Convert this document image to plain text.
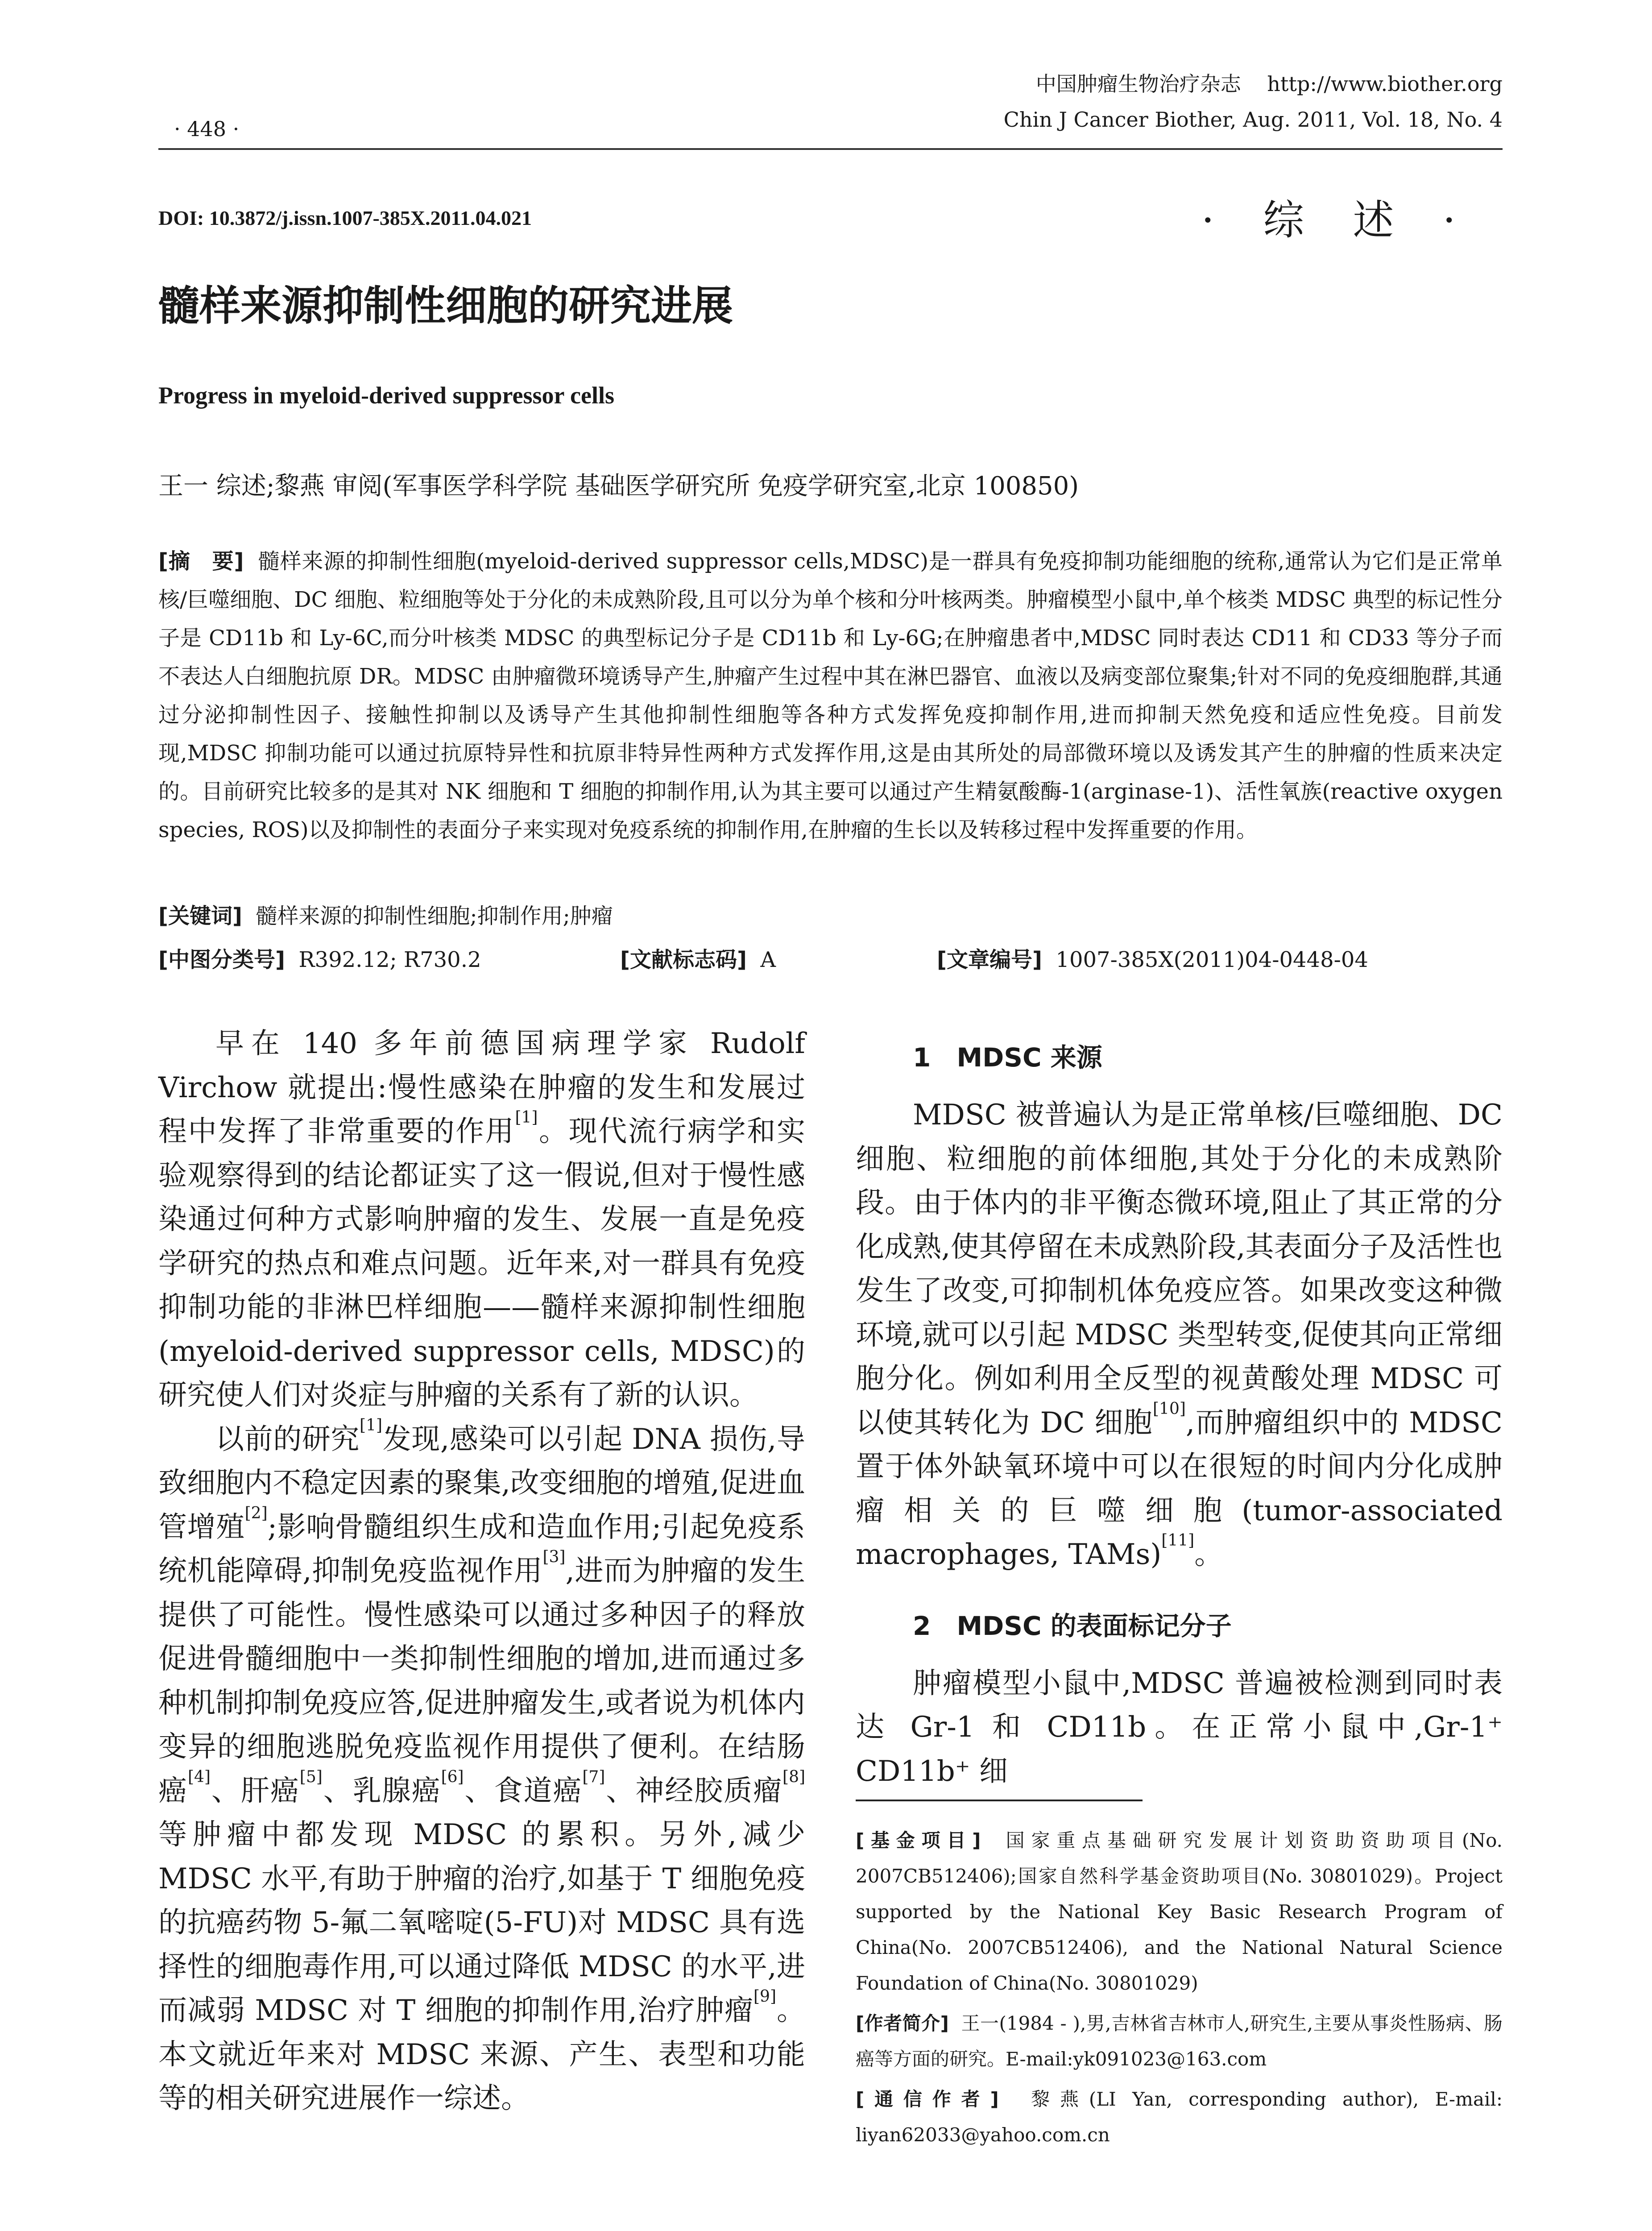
中国肿瘤生物治疗杂志 http://www.biother.org
Chin J Cancer Biother, Aug. 2011, Vol. 18, No. 4
· 448 ·
DOI: 10.3872/j.issn.1007-385X.2011.04.021	· 综 述 ·
髓样来源抑制性细胞的研究进展
Progress in myeloid-derived suppressor cells
王一 综述;黎燕 审阅(军事医学科学院 基础医学研究所 免疫学研究室,北京 100850)
[摘　要] 髓样来源的抑制性细胞(myeloid-derived suppressor cells,MDSC)是一群具有免疫抑制功能细胞的统称,通常认为它们是正常单核/巨噬细胞、DC 细胞、粒细胞等处于分化的未成熟阶段,且可以分为单个核和分叶核两类。肿瘤模型小鼠中,单个核类 MDSC 典型的标记性分子是 CD11b 和 Ly-6C,而分叶核类 MDSC 的典型标记分子是 CD11b 和 Ly-6G;在肿瘤患者中,MDSC 同时表达 CD11 和 CD33 等分子而不表达人白细胞抗原 DR。MDSC 由肿瘤微环境诱导产生,肿瘤产生过程中其在淋巴器官、血液以及病变部位聚集;针对不同的免疫细胞群,其通过分泌抑制性因子、接触性抑制以及诱导产生其他抑制性细胞等各种方式发挥免疫抑制作用,进而抑制天然免疫和适应性免疫。目前发现,MDSC 抑制功能可以通过抗原特异性和抗原非特异性两种方式发挥作用,这是由其所处的局部微环境以及诱发其产生的肿瘤的性质来决定的。目前研究比较多的是其对 NK 细胞和 T 细胞的抑制作用,认为其主要可以通过产生精氨酸酶-1(arginase-1)、活性氧族(reactive oxygen species, ROS)以及抑制性的表面分子来实现对免疫系统的抑制作用,在肿瘤的生长以及转移过程中发挥重要的作用。
[关键词] 髓样来源的抑制性细胞;抑制作用;肿瘤
[中图分类号] R392.12; R730.2	[文献标志码] A	[文章编号] 1007-385X(2011)04-0448-04

早在 140 多年前德国病理学家 Rudolf Virchow 就提出:慢性感染在肿瘤的发生和发展过程中发挥了非常重要的作用[1]。现代流行病学和实验观察得到的结论都证实了这一假说,但对于慢性感染通过何种方式影响肿瘤的发生、发展一直是免疫学研究的热点和难点问题。近年来,对一群具有免疫抑制功能的非淋巴样细胞——髓样来源抑制性细胞(myeloid-derived suppressor cells, MDSC)的研究使人们对炎症与肿瘤的关系有了新的认识。

以前的研究[1]发现,感染可以引起 DNA 损伤,导致细胞内不稳定因素的聚集,改变细胞的增殖,促进血管增殖[2];影响骨髓组织生成和造血作用;引起免疫系统机能障碍,抑制免疫监视作用[3],进而为肿瘤的发生提供了可能性。慢性感染可以通过多种因子的释放促进骨髓细胞中一类抑制性细胞的增加,进而通过多种机制抑制免疫应答,促进肿瘤发生,或者说为机体内变异的细胞逃脱免疫监视作用提供了便利。在结肠癌[4]、肝癌[5]、乳腺癌[6]、食道癌[7]、神经胶质瘤[8]等肿瘤中都发现 MDSC 的累积。另外,减少 MDSC 水平,有助于肿瘤的治疗,如基于 T 细胞免疫的抗癌药物 5-氟二氧嘧啶(5-FU)对 MDSC 具有选择性的细胞毒作用,可以通过降低 MDSC 的水平,进而减弱 MDSC 对 T 细胞的抑制作用,治疗肿瘤[9]。本文就近年来对 MDSC 来源、产生、表型和功能等的相关研究进展作一综述。

1　MDSC 来源

MDSC 被普遍认为是正常单核/巨噬细胞、DC 细胞、粒细胞的前体细胞,其处于分化的未成熟阶段。由于体内的非平衡态微环境,阻止了其正常的分化成熟,使其停留在未成熟阶段,其表面分子及活性也发生了改变,可抑制机体免疫应答。如果改变这种微环境,就可以引起 MDSC 类型转变,促使其向正常细胞分化。例如利用全反型的视黄酸处理 MDSC 可以使其转化为 DC 细胞[10],而肿瘤组织中的 MDSC 置于体外缺氧环境中可以在很短的时间内分化成肿瘤相关的巨噬细胞(tumor-associated macrophages, TAMs)[11]。

2　MDSC 的表面标记分子

肿瘤模型小鼠中,MDSC 普遍被检测到同时表达 Gr-1 和 CD11b。在正常小鼠中,Gr-1⁺ CD11b⁺ 细

[基金项目] 国家重点基础研究发展计划资助资助项目(No. 2007CB512406);国家自然科学基金资助项目(No. 30801029)。Project supported by the National Key Basic Research Program of China(No. 2007CB512406), and the National Natural Science Foundation of China(No. 30801029)

[作者简介] 王一(1984 - ),男,吉林省吉林市人,研究生,主要从事炎性肠病、肠癌等方面的研究。E-mail:yk091023@163.com

[通信作者] 黎燕(LI Yan, corresponding author), E-mail: liyan62033@yahoo.com.cn
